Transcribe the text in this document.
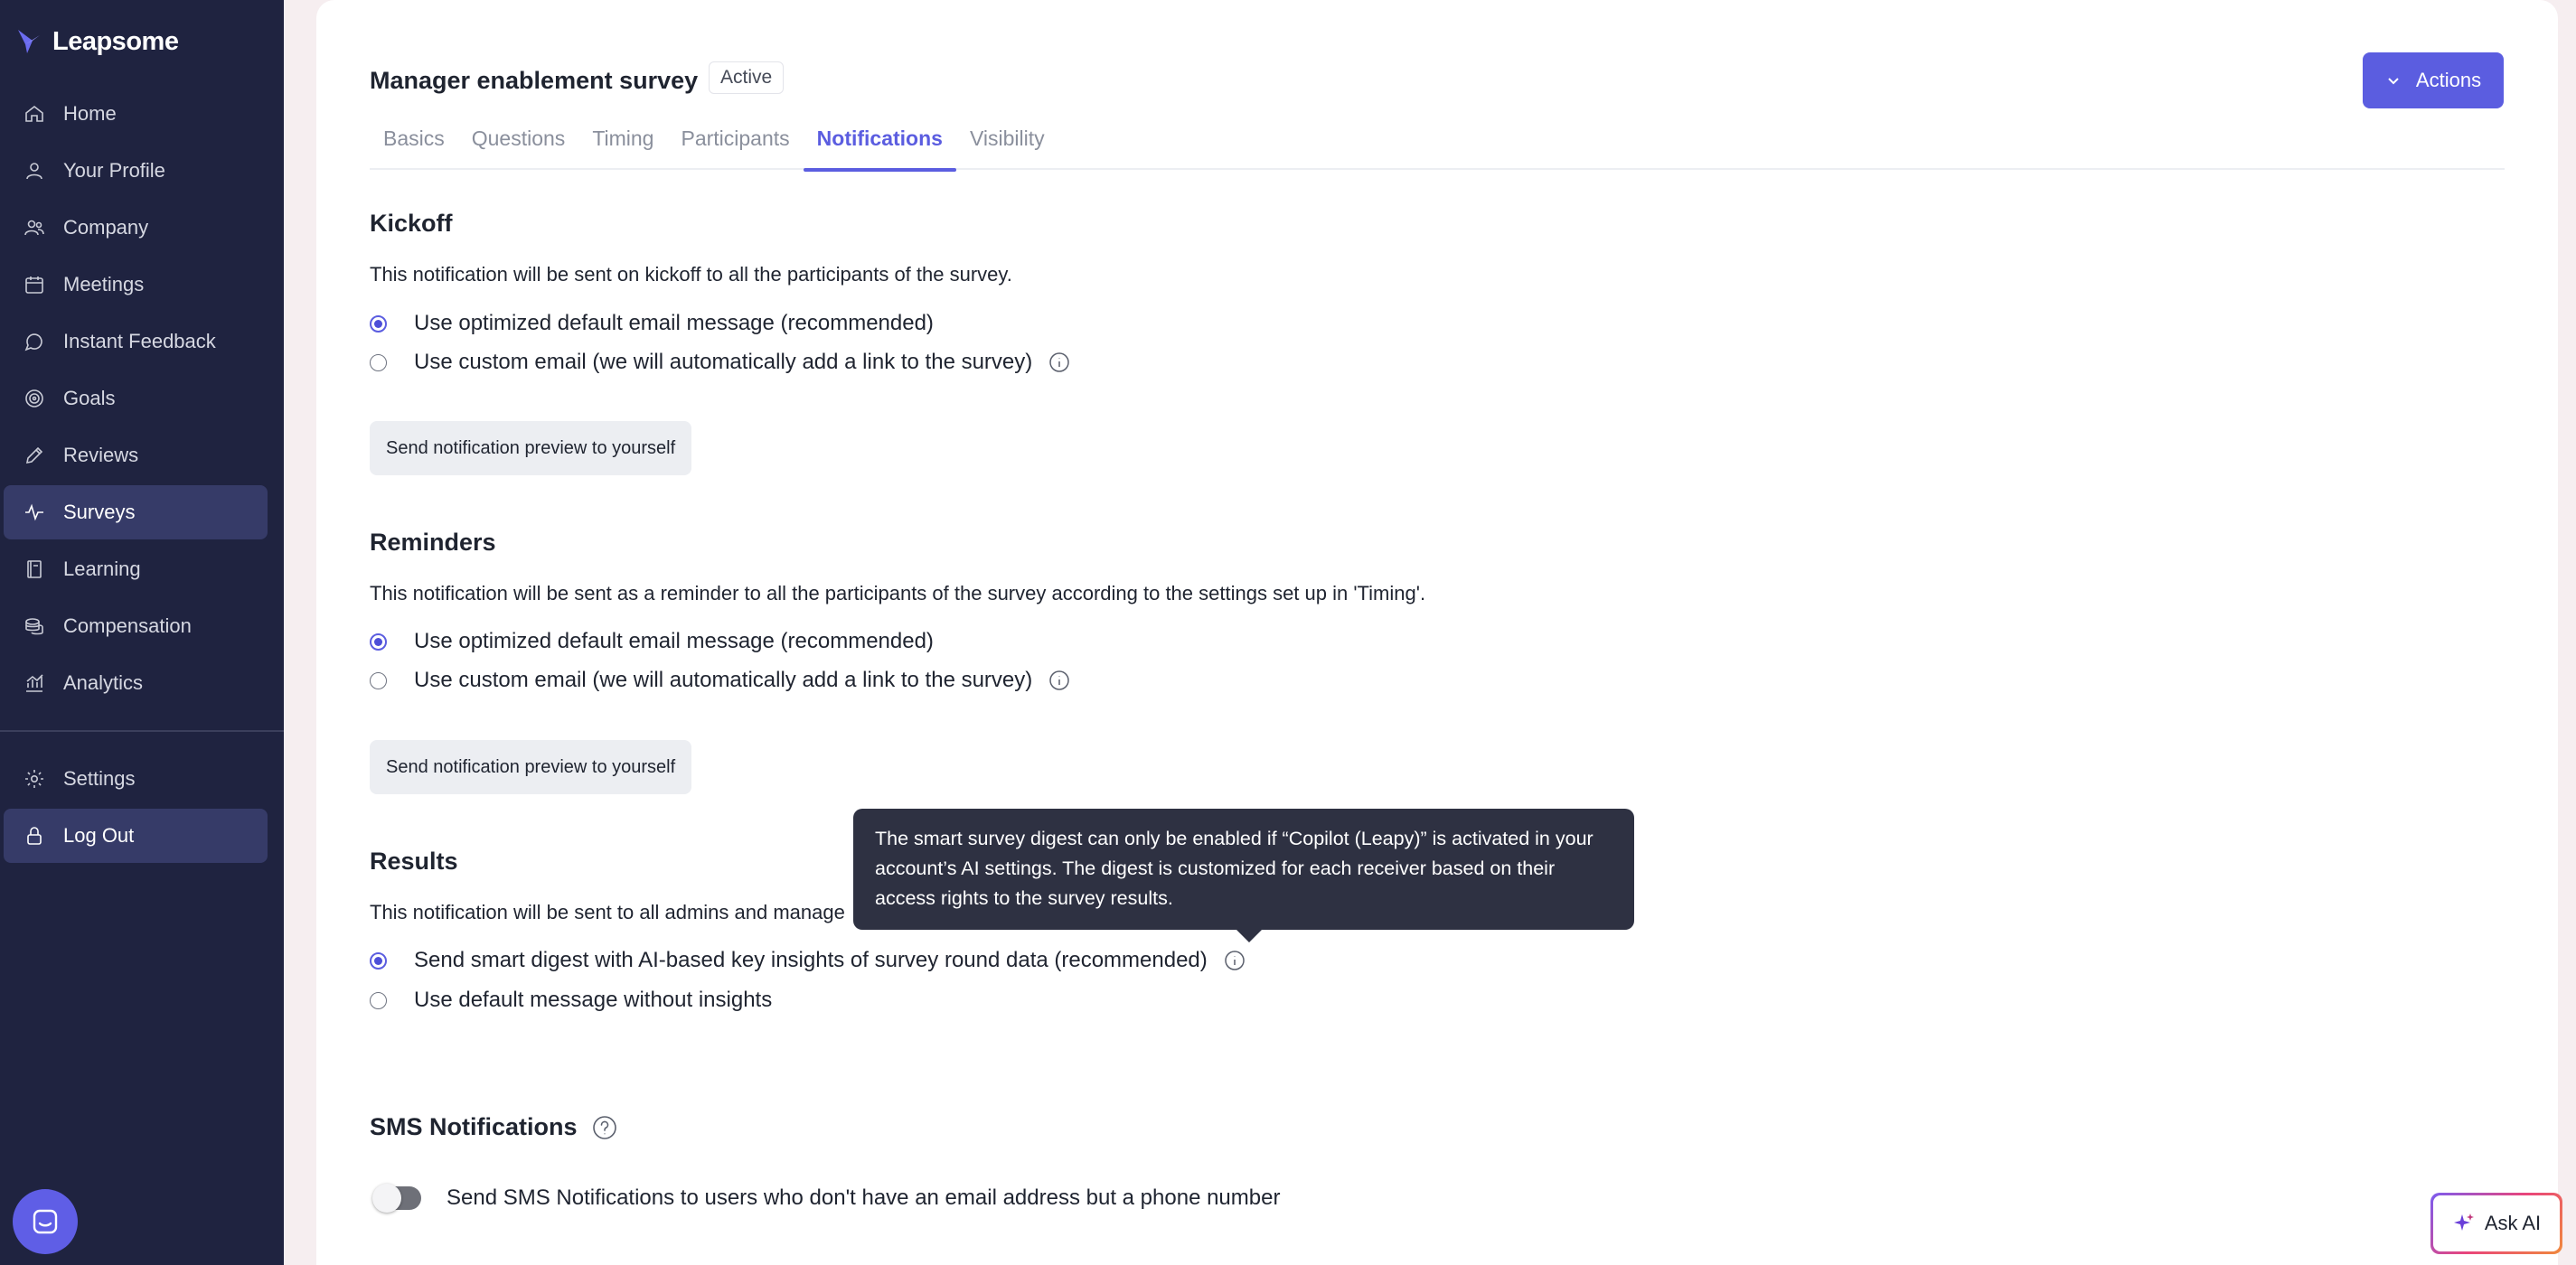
Leapsome
Home
Your Profile
Company
Meetings
Instant Feedback
Goals
Reviews
Surveys
Learning
Compensation
Analytics
Settings
Log Out
Manager enablement survey	Active	Actions
Basics	Questions	Timing	Participants	Notifications	Visibility
Kickoff
This notification will be sent on kickoff to all the participants of the survey.
Use optimized default email message (recommended)
Use custom email (we will automatically add a link to the survey)
Send notification preview to yourself
Reminders
This notification will be sent as a reminder to all the participants of the survey according to the settings set up in 'Timing'.
Use optimized default email message (recommended)
Use custom email (we will automatically add a link to the survey)
Send notification preview to yourself
Results
This notification will be sent to all admins and manage
Send smart digest with AI-based key insights of survey round data (recommended)
Use default message without insights
The smart survey digest can only be enabled if “Copilot (Leapy)” is activated in your account’s AI settings. The digest is customized for each receiver based on their access rights to the survey results.
SMS Notifications
Send SMS Notifications to users who don't have an email address but a phone number
Ask AI
